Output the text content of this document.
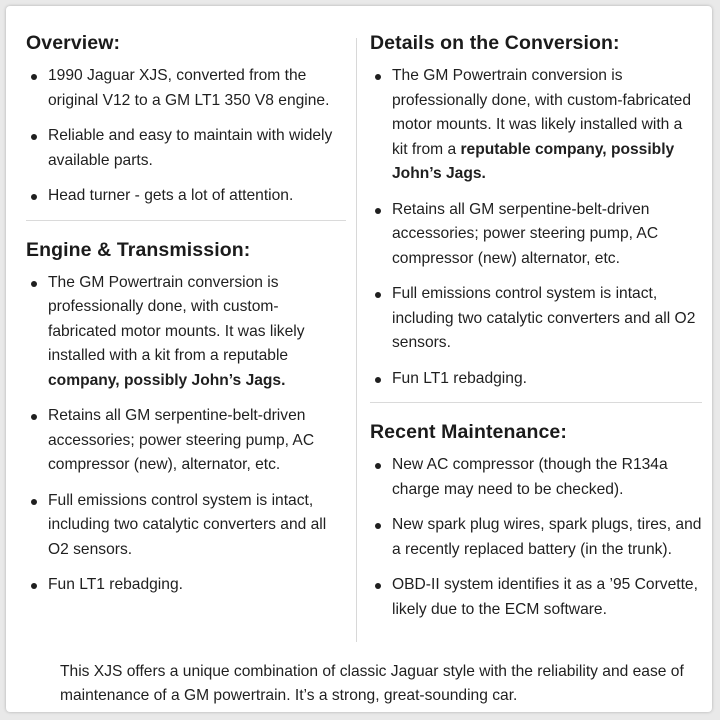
Overview:
1990 Jaguar XJS, converted from the original V12 to a GM LT1 350 V8 engine.
Reliable and easy to maintain with widely available parts.
Head turner - gets a lot of attention.
Engine & Transmission:
The GM Powertrain conversion is professionally done, with custom-fabricated motor mounts. It was likely installed with a kit from a reputable company, possibly John’s Jags.
Retains all GM serpentine-belt-driven accessories; power steering pump, AC compressor (new), alternator, etc.
Full emissions control system is intact, including two catalytic converters and all O2 sensors.
Fun LT1 rebadging.
Details on the Conversion:
The GM Powertrain conversion is professionally done, with custom-fabricated motor mounts. It was likely installed with a kit from a reputable company, possibly John’s Jags.
Retains all GM serpentine-belt-driven accessories; power steering pump, AC compressor (new) alternator, etc.
Full emissions control system is intact, including two catalytic converters and all O2 sensors.
Fun LT1 rebadging.
Recent Maintenance:
New AC compressor (though the R134a charge may need to be checked).
New spark plug wires, spark plugs, tires, and a recently replaced battery (in the trunk).
OBD-II system identifies it as a ’95 Corvette, likely due to the ECM software.
This XJS offers a unique combination of classic Jaguar style with the reliability and ease of maintenance of a GM powertrain. It’s a strong, great-sounding car.
